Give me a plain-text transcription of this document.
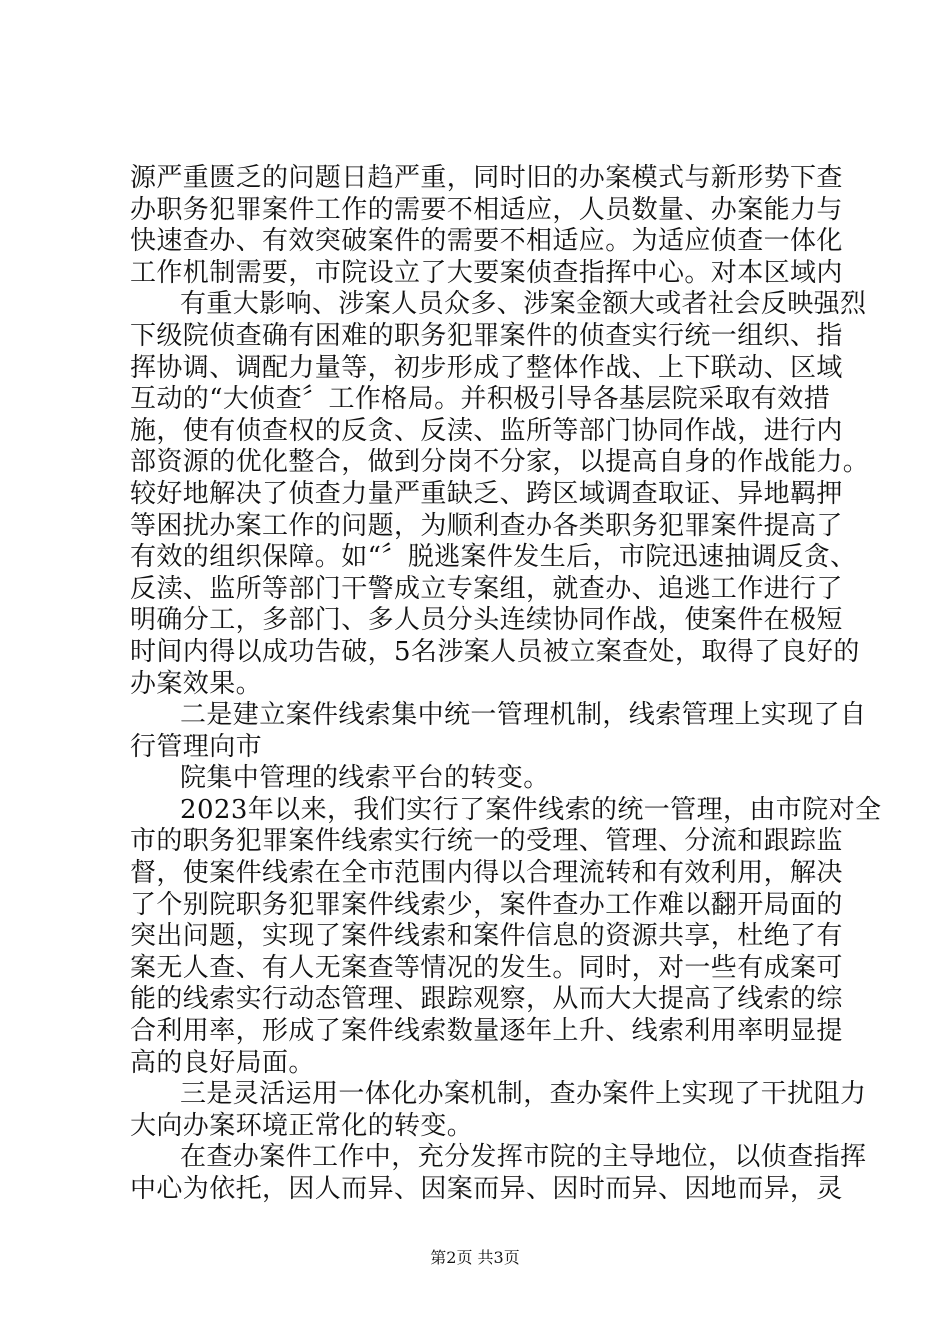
源严重匮乏的问题日趋严重，同时旧的办案模式与新形势下查
办职务犯罪案件工作的需要不相适应，人员数量、办案能力与
快速查办、有效突破案件的需要不相适应。为适应侦查一体化
工作机制需要，市院设立了大要案侦查指挥中心。对本区域内
有重大影响、涉案人员众多、涉案金额大或者社会反映强烈
下级院侦查确有困难的职务犯罪案件的侦查实行统一组织、指
挥协调、调配力量等，初步形成了整体作战、上下联动、区域
互动的“大侦查〞工作格局。并积极引导各基层院采取有效措
施，使有侦查权的反贪、反渎、监所等部门协同作战，进行内
部资源的优化整合，做到分岗不分家，以提高自身的作战能力。
较好地解决了侦查力量严重缺乏、跨区域调查取证、异地羁押
等困扰办案工作的问题，为顺利查办各类职务犯罪案件提高了
有效的组织保障。如“〞脱逃案件发生后，市院迅速抽调反贪、
反渎、监所等部门干警成立专案组，就查办、追逃工作进行了
明确分工，多部门、多人员分头连续协同作战，使案件在极短
时间内得以成功告破，5名涉案人员被立案查处，取得了良好的
办案效果。
二是建立案件线索集中统一管理机制，线索管理上实现了自
行管理向市
院集中管理的线索平台的转变。
2023年以来，我们实行了案件线索的统一管理，由市院对全
市的职务犯罪案件线索实行统一的受理、管理、分流和跟踪监
督，使案件线索在全市范围内得以合理流转和有效利用，解决
了个别院职务犯罪案件线索少，案件查办工作难以翻开局面的
突出问题，实现了案件线索和案件信息的资源共享，杜绝了有
案无人查、有人无案查等情况的发生。同时，对一些有成案可
能的线索实行动态管理、跟踪观察，从而大大提高了线索的综
合利用率，形成了案件线索数量逐年上升、线索利用率明显提
高的良好局面。
三是灵活运用一体化办案机制，查办案件上实现了干扰阻力
大向办案环境正常化的转变。
在查办案件工作中，充分发挥市院的主导地位，以侦查指挥
中心为依托，因人而异、因案而异、因时而异、因地而异，灵
第2页 共3页
